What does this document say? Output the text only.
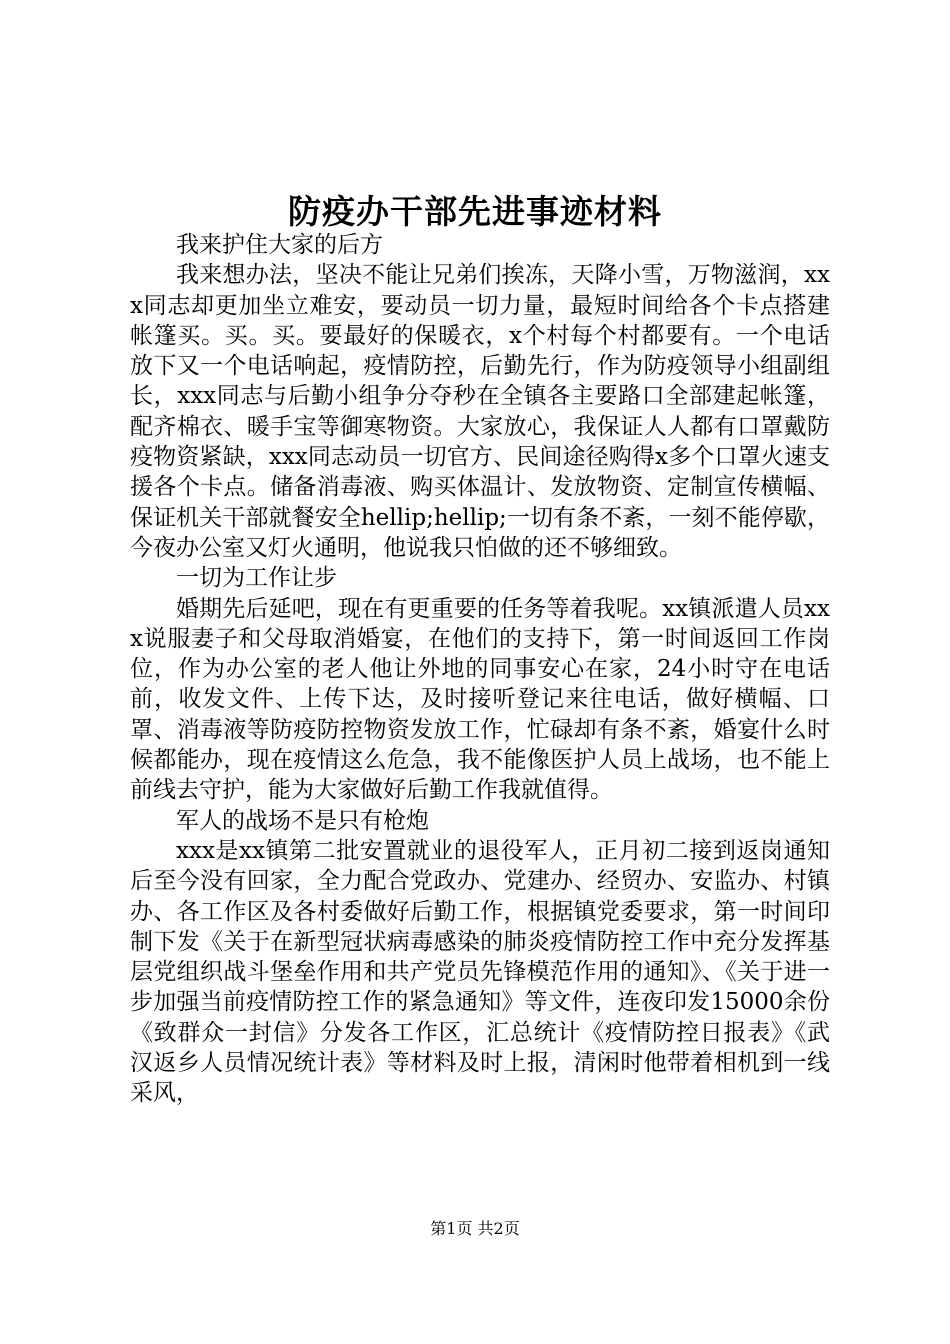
防疫办干部先进事迹材料

我来护住大家的后方

我来想办法，坚决不能让兄弟们挨冻，天降小雪，万物滋润，xxx同志却更加坐立难安，要动员一切力量，最短时间给各个卡点搭建帐篷买。买。买。要最好的保暖衣，x个村每个村都要有。一个电话放下又一个电话响起，疫情防控，后勤先行，作为防疫领导小组副组长，xxx同志与后勤小组争分夺秒在全镇各主要路口全部建起帐篷，配齐棉衣、暖手宝等御寒物资。大家放心，我保证人人都有口罩戴防疫物资紧缺，xxx同志动员一切官方、民间途径购得x多个口罩火速支援各个卡点。储备消毒液、购买体温计、发放物资、定制宣传横幅、保证机关干部就餐安全hellip;hellip;一切有条不紊，一刻不能停歇，今夜办公室又灯火通明，他说我只怕做的还不够细致。

一切为工作让步

婚期先后延吧，现在有更重要的任务等着我呢。xx镇派遣人员xxx说服妻子和父母取消婚宴，在他们的支持下，第一时间返回工作岗位，作为办公室的老人他让外地的同事安心在家，24小时守在电话前，收发文件、上传下达，及时接听登记来往电话，做好横幅、口罩、消毒液等防疫防控物资发放工作，忙碌却有条不紊，婚宴什么时候都能办，现在疫情这么危急，我不能像医护人员上战场，也不能上前线去守护，能为大家做好后勤工作我就值得。

军人的战场不是只有枪炮

xxx是xx镇第二批安置就业的退役军人，正月初二接到返岗通知后至今没有回家，全力配合党政办、党建办、经贸办、安监办、村镇办、各工作区及各村委做好后勤工作，根据镇党委要求，第一时间印制下发《关于在新型冠状病毒感染的肺炎疫情防控工作中充分发挥基层党组织战斗堡垒作用和共产党员先锋模范作用的通知》、《关于进一步加强当前疫情防控工作的紧急通知》等文件，连夜印发15000余份《致群众一封信》分发各工作区，汇总统计《疫情防控日报表》《武汉返乡人员情况统计表》等材料及时上报，清闲时他带着相机到一线采风，

第1页 共2页
